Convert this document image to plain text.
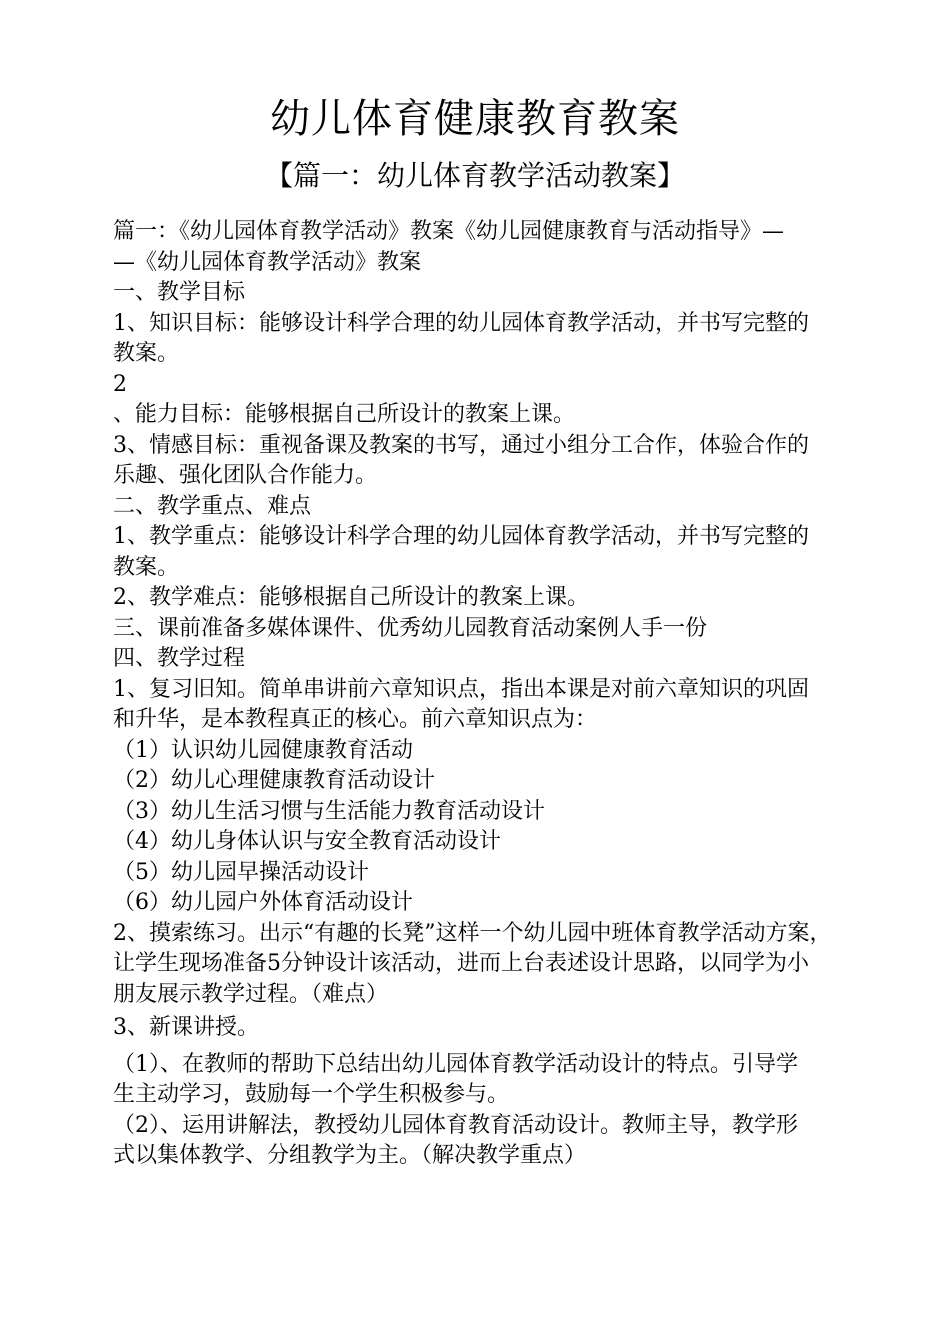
幼儿体育健康教育教案
【篇一：幼儿体育教学活动教案】
篇一：《幼儿园体育教学活动》教案《幼儿园健康教育与活动指导》—
—《幼儿园体育教学活动》教案
一、教学目标
1、知识目标：能够设计科学合理的幼儿园体育教学活动，并书写完整的
教案。
2
、能力目标：能够根据自己所设计的教案上课。
3、情感目标：重视备课及教案的书写，通过小组分工合作，体验合作的
乐趣、强化团队合作能力。
二、教学重点、难点
1、教学重点：能够设计科学合理的幼儿园体育教学活动，并书写完整的
教案。
2、教学难点：能够根据自己所设计的教案上课。
三、课前准备多媒体课件、优秀幼儿园教育活动案例人手一份
四、教学过程
1、复习旧知。简单串讲前六章知识点，指出本课是对前六章知识的巩固
和升华，是本教程真正的核心。前六章知识点为：
（1）认识幼儿园健康教育活动
（2）幼儿心理健康教育活动设计
（3）幼儿生活习惯与生活能力教育活动设计
（4）幼儿身体认识与安全教育活动设计
（5）幼儿园早操活动设计
（6）幼儿园户外体育活动设计
2、摸索练习。出示“有趣的长凳”这样一个幼儿园中班体育教学活动方案，
让学生现场准备5分钟设计该活动，进而上台表述设计思路，以同学为小
朋友展示教学过程。（难点）
3、新课讲授。
（1）、在教师的帮助下总结出幼儿园体育教学活动设计的特点。引导学
生主动学习，鼓励每一个学生积极参与。
（2）、运用讲解法，教授幼儿园体育教育活动设计。教师主导，教学形
式以集体教学、分组教学为主。（解决教学重点）
